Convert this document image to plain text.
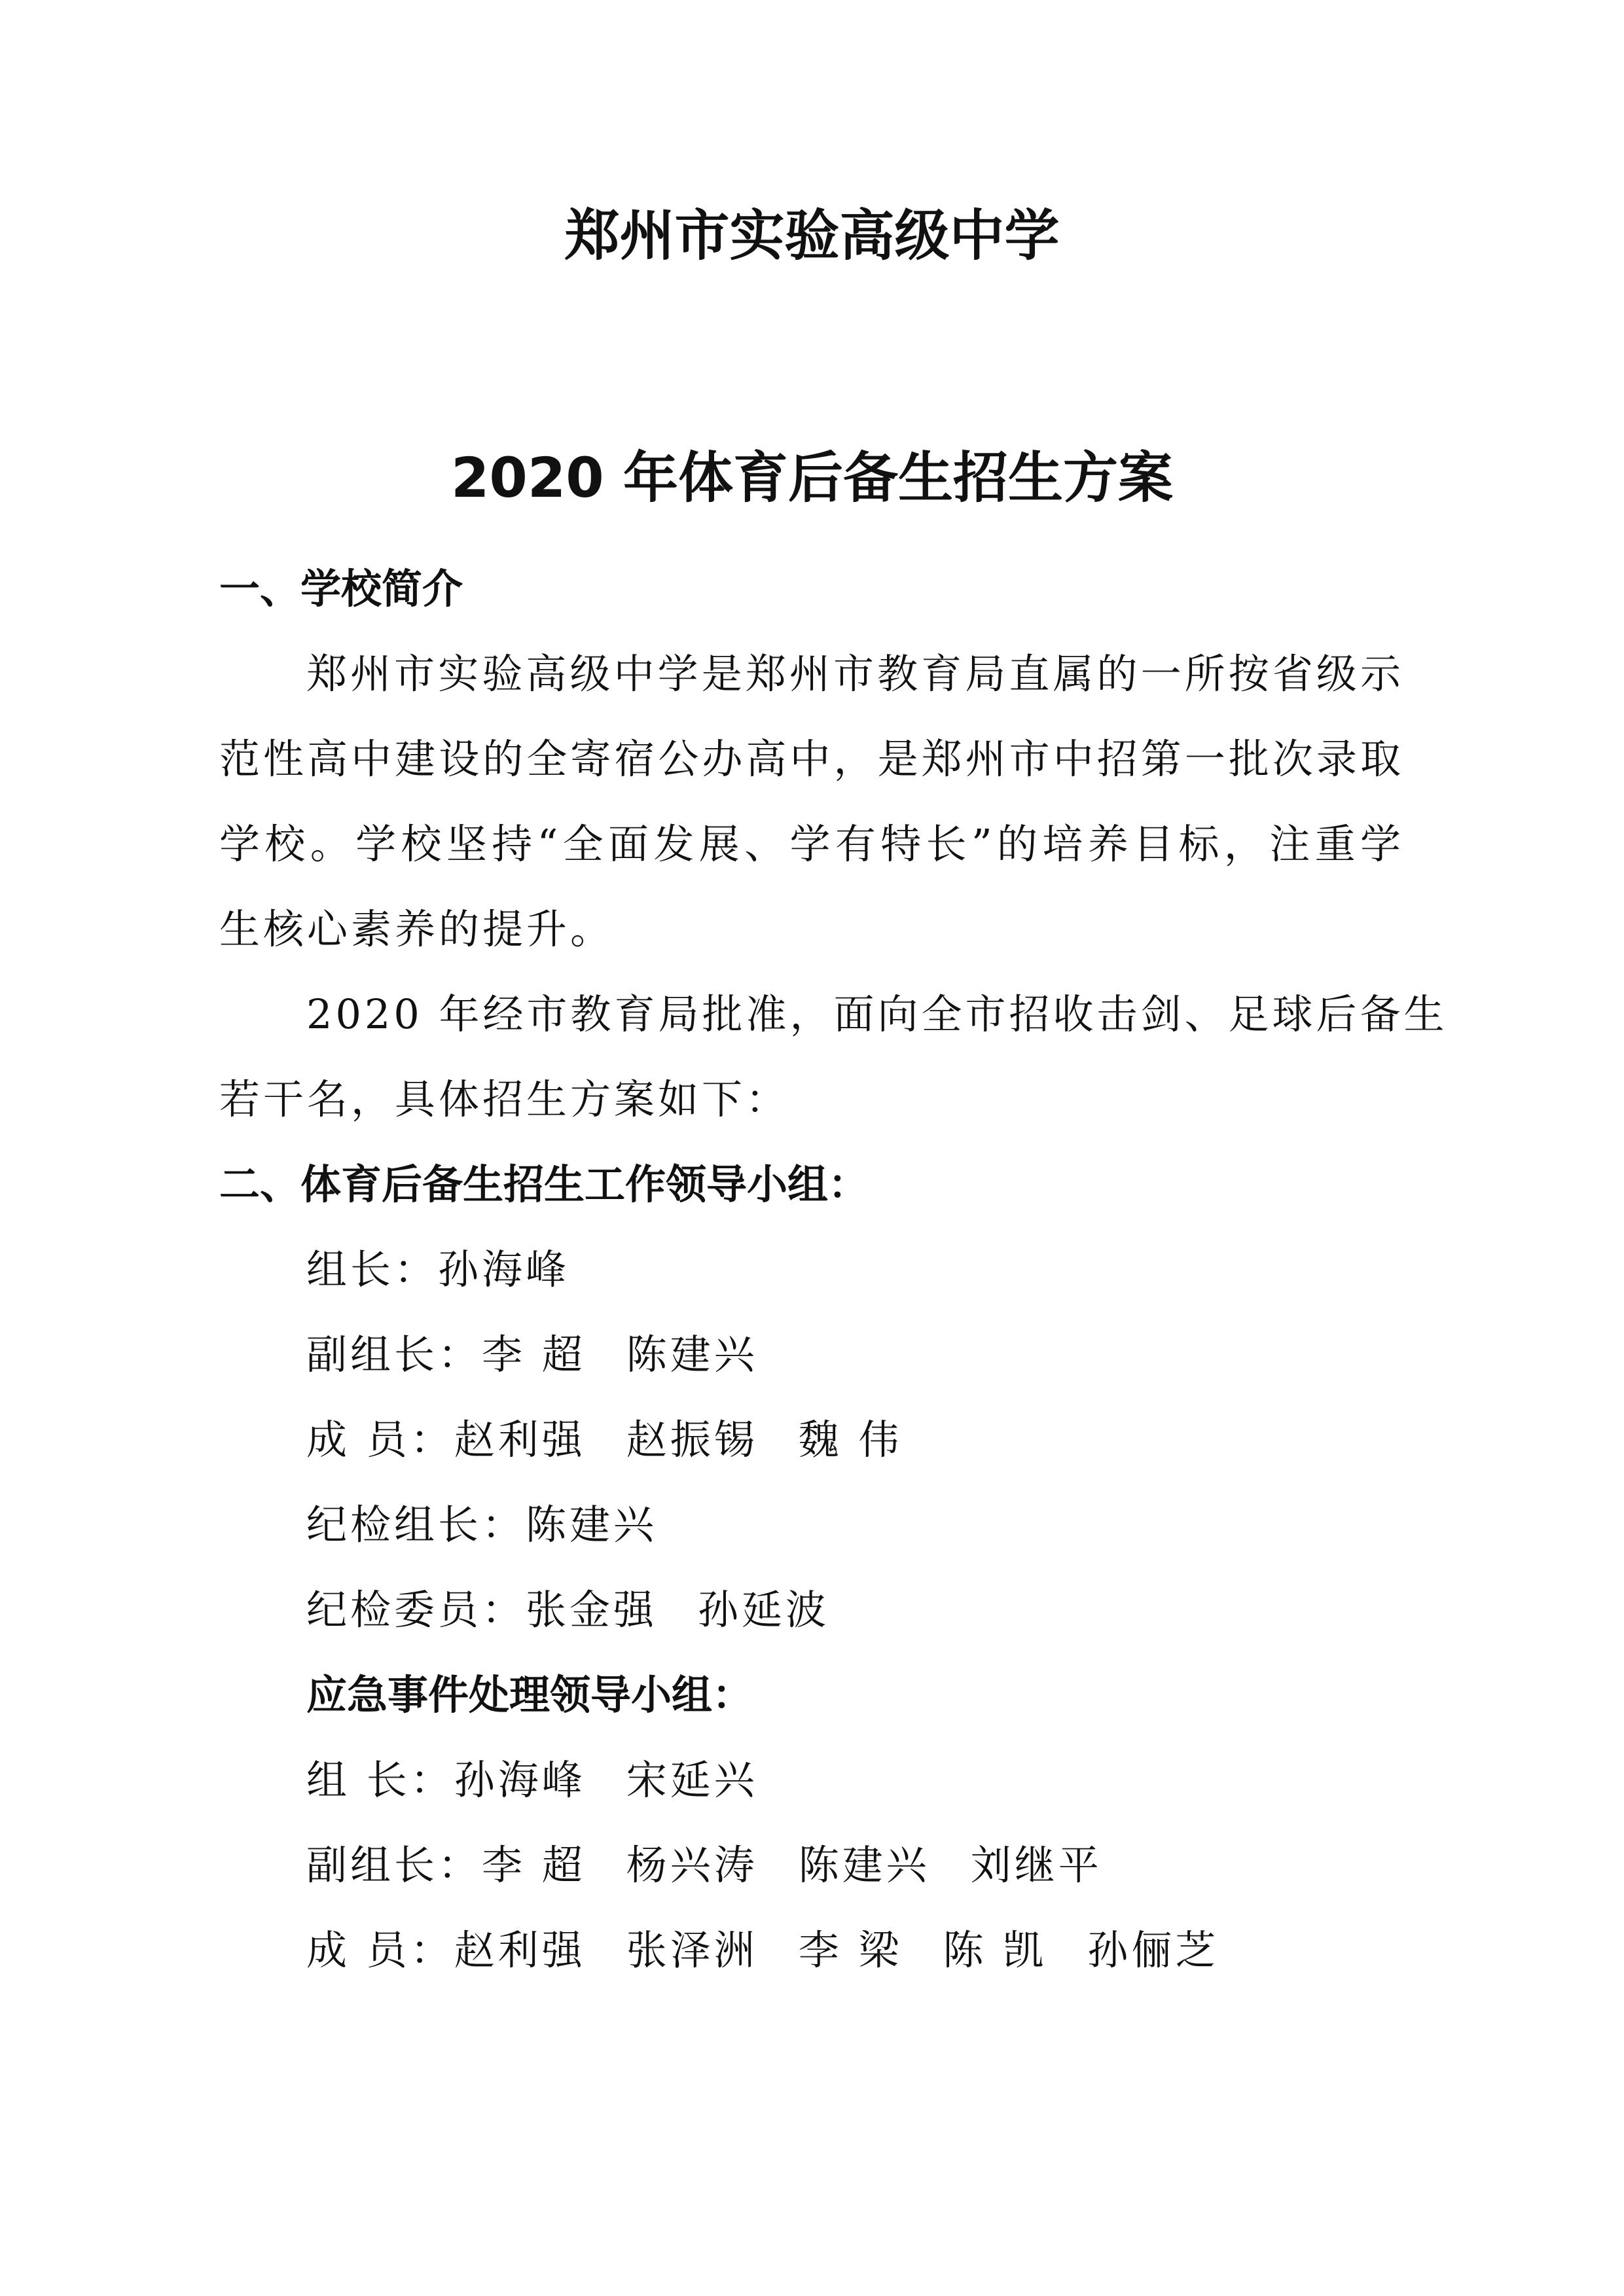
郑州市实验高级中学
2020 年体育后备生招生方案
一、学校简介
郑州市实验高级中学是郑州市教育局直属的一所按省级示
范性高中建设的全寄宿公办高中，是郑州市中招第一批次录取
学校。学校坚持“全面发展、学有特长”的培养目标，注重学
生核心素养的提升。
2020 年经市教育局批准，面向全市招收击剑、足球后备生
若干名，具体招生方案如下：
二、体育后备生招生工作领导小组：
组长：孙海峰
副组长：李 超 陈建兴
成 员：赵利强 赵振锡 魏 伟
纪检组长：陈建兴
纪检委员：张金强 孙延波
应急事件处理领导小组：
组 长：孙海峰 宋延兴
副组长：李 超 杨兴涛 陈建兴 刘继平
成 员：赵利强 张泽洲 李 梁 陈 凯 孙俪芝
